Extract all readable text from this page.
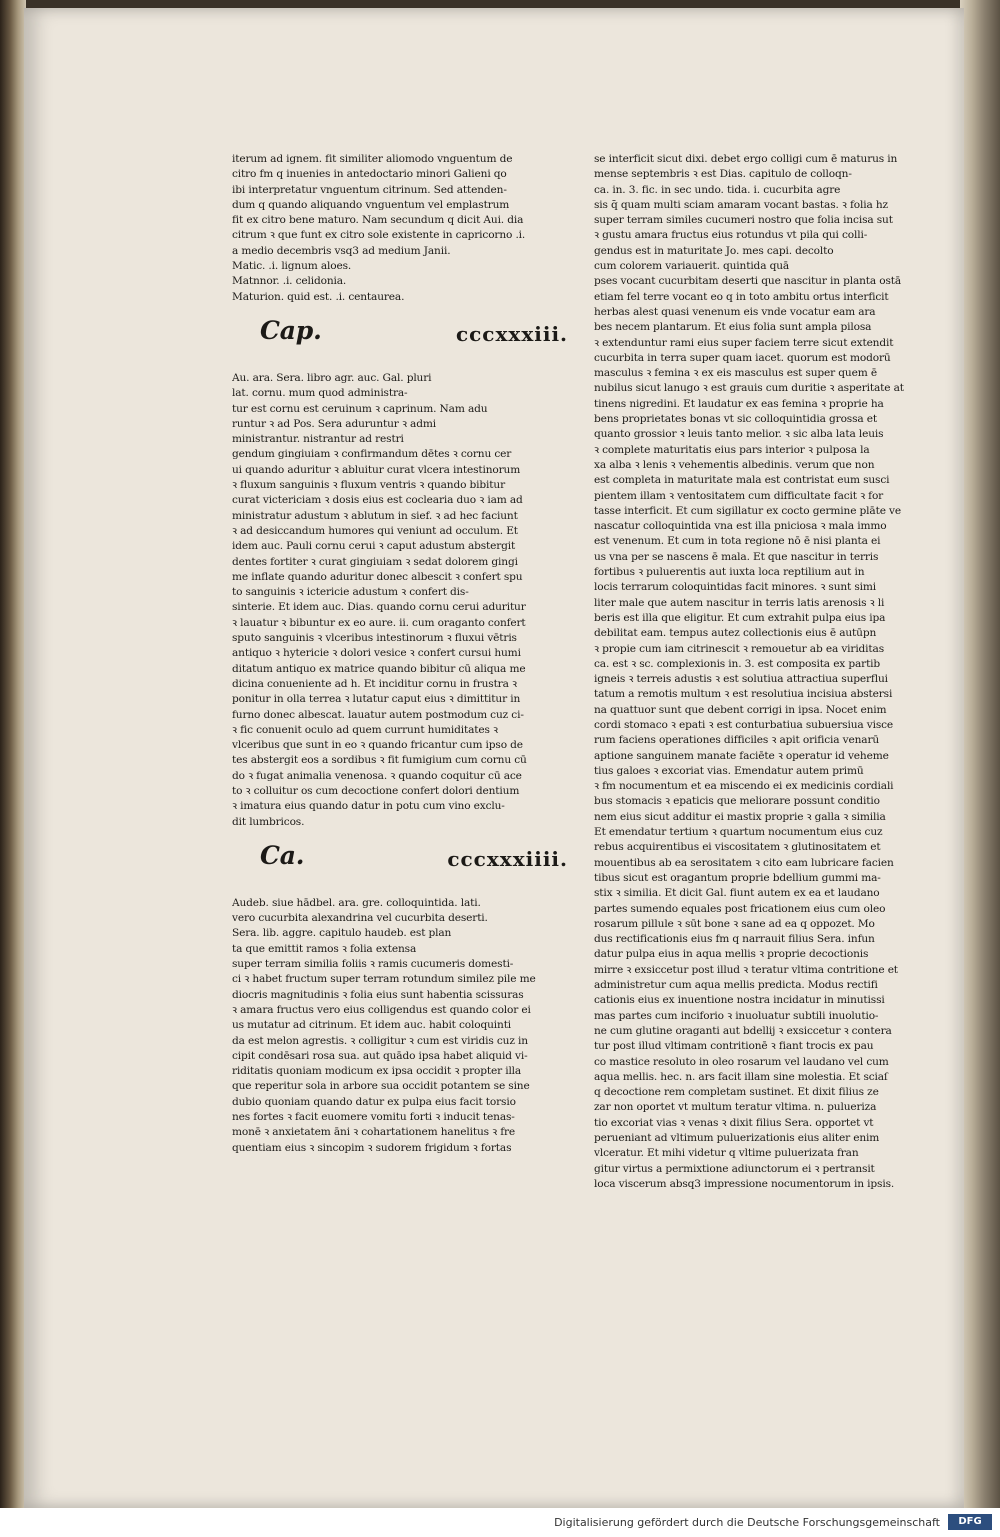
iterum ad ignem. fit similiter aliomodo vnguentum de
citro fm q inuenies in antedoctario minori Galieni qo
ibi interpretatur vnguentum citrinum. Sed attenden-
dum q quando aliquando vnguentum vel emplastrum
fit ex citro bene maturo. Nam secundum q dicit Aui. dia
citrum ꝛ que funt ex citro sole existente in capricorno .i.
a medio decembris vsq3 ad medium Janii.
Matic. .i. lignum aloes.
Matnnor. .i. celidonia.
Maturion. quid est. .i. centaurea.
Cap.	cccxxxiii.
Au. ara. Sera. libro agr. auc. Gal. pluri
lat. cornu. mum quod administra-
tur est cornu est ceruinum ꝛ caprinum. Nam adu
runtur ꝛ ad Pos. Sera aduruntur ꝛ admi
ministrantur. nistrantur ad restri
gendum gingiuiam ꝛ confirmandum dētes ꝛ cornu cer
ui quando aduritur ꝛ abluitur curat vlcera intestinorum
ꝛ fluxum sanguinis ꝛ fluxum ventris ꝛ quando bibitur
curat victericiam ꝛ dosis eius est coclearia duo ꝛ iam ad
ministratur adustum ꝛ ablutum in sief. ꝛ ad hec faciunt
ꝛ ad desiccandum humores qui veniunt ad occulum. Et
idem auc. Pauli cornu cerui ꝛ caput adustum abstergit
dentes fortiter ꝛ curat gingiuiam ꝛ sedat dolorem gingi
me inflate quando aduritur donec albescit ꝛ confert spu
to sanguinis ꝛ ictericie adustum ꝛ confert dis-
sinterie. Et idem auc. Dias. quando cornu cerui aduritur
ꝛ lauatur ꝛ bibuntur ex eo aure. ii. cum oraganto confert
sputo sanguinis ꝛ vlceribus intestinorum ꝛ fluxui vētris
antiquo ꝛ hytericie ꝛ dolori vesice ꝛ confert cursui humi
ditatum antiquo ex matrice quando bibitur cū aliqua me
dicina conueniente ad h. Et inciditur cornu in frustra ꝛ
ponitur in olla terrea ꝛ lutatur caput eius ꝛ dimittitur in
furno donec albescat. lauatur autem postmodum cuz ci-
ꝛ fic conuenit oculo ad quem currunt humiditates ꝛ
vlceribus que sunt in eo ꝛ quando fricantur cum ipso de
tes abstergit eos a sordibus ꝛ fit fumigium cum cornu cū
do ꝛ fugat animalia venenosa. ꝛ quando coquitur cū ace
to ꝛ colluitur os cum decoctione confert dolori dentium
ꝛ imatura eius quando datur in potu cum vino exclu-
dit lumbricos.
Ca.	cccxxxiiii.
Audeb. siue hādbel. ara. gre. colloquintida. lati.
vero cucurbita alexandrina vel cucurbita deserti.
Sera. lib. aggre. capitulo haudeb. est plan
ta que emittit ramos ꝛ folia extensa
super terram similia foliis ꝛ ramis cucumeris domesti-
ci ꝛ habet fructum super terram rotundum similez pile me
diocris magnitudinis ꝛ folia eius sunt habentia scissuras
ꝛ amara fructus vero eius colligendus est quando color ei
us mutatur ad citrinum. Et idem auc. habit coloquinti
da est melon agrestis. ꝛ colligitur ꝛ cum est viridis cuz in
cipit condēsari rosa sua. aut quādo ipsa habet aliquid vi-
riditatis quoniam modicum ex ipsa occidit ꝛ propter illa
que reperitur sola in arbore sua occidit potantem se sine
dubio quoniam quando datur ex pulpa eius facit torsio
nes fortes ꝛ facit euomere vomitu forti ꝛ inducit tenas-
monē ꝛ anxietatem āni ꝛ cohartationem hanelitus ꝛ fre
quentiam eius ꝛ sincopim ꝛ sudorem frigidum ꝛ fortas
se interficit sicut dixi. debet ergo colligi cum ē maturus in
mense septembris ꝛ est Dias. capitulo de colloqn-
ca. in. 3. fic. in sec undo. tida. i. cucurbita agre
sis q̄ quam multi sciam amaram vocant bastas. ꝛ folia hz
super terram similes cucumeri nostro que folia incisa sut
ꝛ gustu amara fructus eius rotundus vt pila qui colli-
gendus est in maturitate Jo. mes capi. decolto
cum colorem variauerit. quintida quā
pses vocant cucurbitam deserti que nascitur in planta ostā
etiam fel terre vocant eo q in toto ambitu ortus interficit
herbas alest quasi venenum eis vnde vocatur eam ara
bes necem plantarum. Et eius folia sunt ampla pilosa
ꝛ extenduntur rami eius super faciem terre sicut extendit
cucurbita in terra super quam iacet. quorum est modorū
masculus ꝛ femina ꝛ ex eis masculus est super quem ē
nubilus sicut lanugo ꝛ est grauis cum duritie ꝛ asperitate at
tinens nigredini. Et laudatur ex eas femina ꝛ proprie ha
bens proprietates bonas vt sic colloquintidia grossa et
quanto grossior ꝛ leuis tanto melior. ꝛ sic alba lata leuis
ꝛ complete maturitatis eius pars interior ꝛ pulposa la
xa alba ꝛ lenis ꝛ vehementis albedinis. verum que non
est completa in maturitate mala est contristat eum susci
pientem illam ꝛ ventositatem cum difficultate facit ꝛ for
tasse interficit. Et cum sigillatur ex cocto germine plāte ve
nascatur colloquintida vna est illa pniciosa ꝛ mala immo
est venenum. Et cum in tota regione nō ē nisi planta ei
us vna per se nascens ē mala. Et que nascitur in terris
fortibus ꝛ puluerentis aut iuxta loca reptilium aut in
locis terrarum coloquintidas facit minores. ꝛ sunt simi
liter male que autem nascitur in terris latis arenosis ꝛ li
beris est illa que eligitur. Et cum extrahit pulpa eius ipa
debilitat eam. tempus autez collectionis eius ē autūpn
ꝛ propie cum iam citrinescit ꝛ remouetur ab ea viriditas
ca. est ꝛ sc. complexionis in. 3. est composita ex partib
igneis ꝛ terreis adustis ꝛ est solutiua attractiua superflui
tatum a remotis multum ꝛ est resolutiua incisiua abstersi
na quattuor sunt que debent corrigi in ipsa. Nocet enim
cordi stomaco ꝛ epati ꝛ est conturbatiua subuersiua visce
rum faciens operationes difficiles ꝛ apit orificia venarū
aptione sanguinem manate faciēte ꝛ operatur id veheme
tius galoes ꝛ excoriat vias. Emendatur autem primū
ꝛ fm nocumentum et ea miscendo ei ex medicinis cordiali
bus stomacis ꝛ epaticis que meliorare possunt conditio
nem eius sicut additur ei mastix proprie ꝛ galla ꝛ similia
Et emendatur tertium ꝛ quartum nocumentum eius cuz
rebus acquirentibus ei viscositatem ꝛ glutinositatem et
mouentibus ab ea serositatem ꝛ cito eam lubricare facien
tibus sicut est oragantum proprie bdellium gummi ma-
stix ꝛ similia. Et dicit Gal. fiunt autem ex ea et laudano
partes sumendo equales post fricationem eius cum oleo
rosarum pillule ꝛ sūt bone ꝛ sane ad ea q oppozet. Mo
dus rectificationis eius fm q narrauit filius Sera. infun
datur pulpa eius in aqua mellis ꝛ proprie decoctionis
mirre ꝛ exsiccetur post illud ꝛ teratur vltima contritione et
administretur cum aqua mellis predicta. Modus rectifi
cationis eius ex inuentione nostra incidatur in minutissi
mas partes cum inciforio ꝛ inuoluatur subtili inuolutio-
ne cum glutine oraganti aut bdellij ꝛ exsiccetur ꝛ contera
tur post illud vltimam contritionē ꝛ fiant trocis ex pau
co mastice resoluto in oleo rosarum vel laudano vel cum
aqua mellis. hec. n. ars facit illam sine molestia. Et sciaſ
q decoctione rem completam sustinet. Et dixit filius ze
zar non oportet vt multum teratur vltima. n. pulueriza
tio excoriat vias ꝛ venas ꝛ dixit filius Sera. opportet vt
perueniant ad vltimum puluerizationis eius aliter enim
vlceratur. Et mihi videtur q vltime puluerizata fran
gitur virtus a permixtione adiunctorum ei ꝛ pertransit
loca viscerum absq3 impressione nocumentorum in ipsis.
Digitalisierung gefördert durch die Deutsche Forschungsgemeinschaft	DFG
